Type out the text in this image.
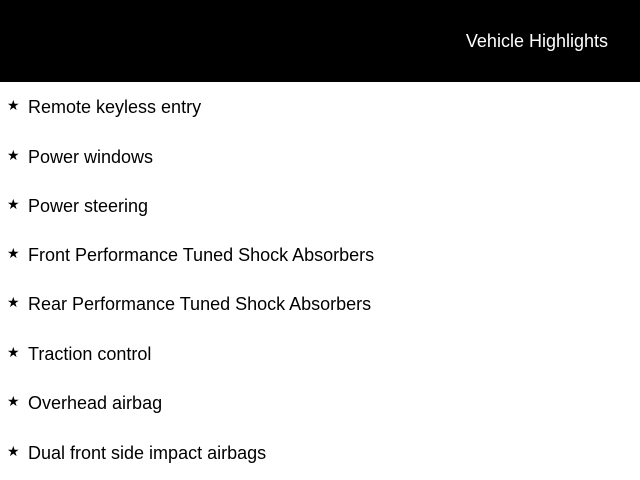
Vehicle Highlights
★ Remote keyless entry
★ Power windows
★ Power steering
★ Front Performance Tuned Shock Absorbers
★ Rear Performance Tuned Shock Absorbers
★ Traction control
★ Overhead airbag
★ Dual front side impact airbags
